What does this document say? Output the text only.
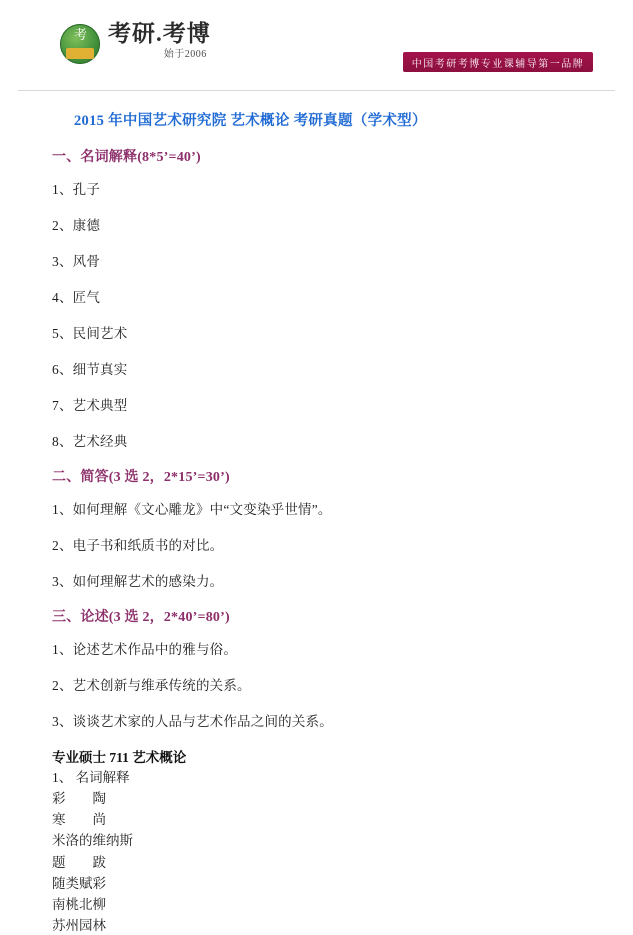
考 考研.考博
始于2006
中国考研考博专业课辅导第一品牌
2015 年中国艺术研究院 艺术概论 考研真题（学术型）
一、名词解释(8*5’=40’)
1、孔子
2、康德
3、风骨
4、匠气
5、民间艺术
6、细节真实
7、艺术典型
8、艺术经典
二、简答(3 选 2，2*15’=30’)
1、如何理解《文心雕龙》中“文变染乎世情”。
2、电子书和纸质书的对比。
3、如何理解艺术的感染力。
三、论述(3 选 2，2*40’=80’)
1、论述艺术作品中的雅与俗。
2、艺术创新与维承传统的关系。
3、谈谈艺术家的人品与艺术作品之间的关系。
专业硕士 711 艺术概论
1、 名词解释
彩　　陶
寒　　尚
米洛的维纳斯
题　　跋
随类赋彩
南桃北柳
苏州园林
